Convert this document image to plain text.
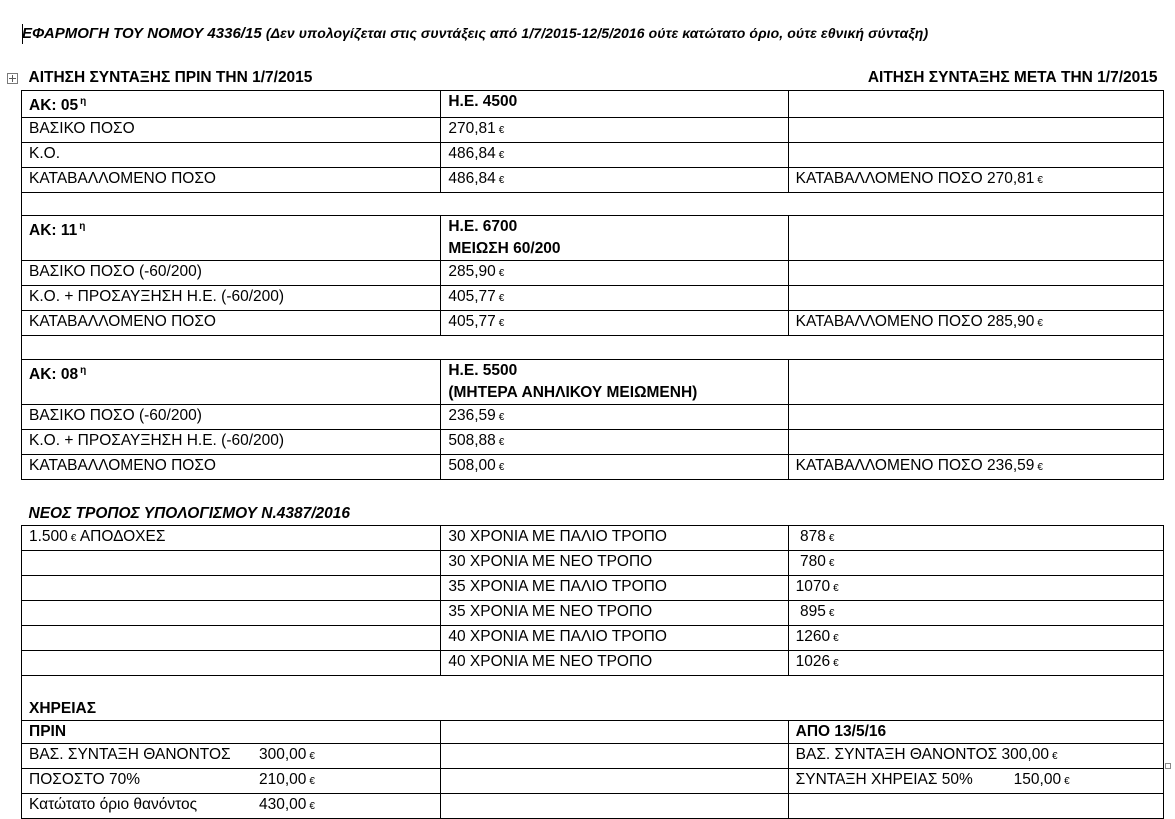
ΕΦΑΡΜΟΓΗ ΤΟΥ ΝΟΜΟΥ 4336/15 (Δεν υπολογίζεται στις συντάξεις από 1/7/2015-12/5/2016 ούτε κατώτατο όριο, ούτε εθνική σύνταξη)
ΑΙΤΗΣΗ ΣΥΝΤΑΞΗΣ ΠΡΙΝ ΤΗΝ 1/7/2015		ΑΙΤΗΣΗ ΣΥΝΤΑΞΗΣ ΜΕΤΑ ΤΗΝ 1/7/2015
ΑΚ: 05 $^\eta$	Η.Ε. 4500	
ΒΑΣΙΚΟ ΠΟΣΟ	270,81 €	
Κ.Ο.	486,84 €	
ΚΑΤΑΒΑΛΛΟΜΕΝΟ ΠΟΣΟ	486,84 €	ΚΑΤΑΒΑΛΛΟΜΕΝΟ ΠΟΣΟ 270,81 €

ΑΚ: 11 $^\eta$	Η.Ε. 6700
ΜΕΙΩΣΗ 60/200	

ΒΑΣΙΚΟ ΠΟΣΟ (-60/200)	285,90 €	
Κ.Ο. + ΠΡΟΣΑΥΞΗΣΗ Η.Ε. (-60/200)	405,77 €	
ΚΑΤΑΒΑΛΛΟΜΕΝΟ ΠΟΣΟ	405,77 €	ΚΑΤΑΒΑΛΛΟΜΕΝΟ ΠΟΣΟ 285,90 €

ΑΚ: 08 $^\eta$	Η.Ε. 5500
(ΜΗΤΕΡΑ ΑΝΗΛΙΚΟΥ ΜΕΙΩΜΕΝΗ)	

ΒΑΣΙΚΟ ΠΟΣΟ (-60/200)	236,59 €	
Κ.Ο. + ΠΡΟΣΑΥΞΗΣΗ Η.Ε. (-60/200)	508,88 €	
ΚΑΤΑΒΑΛΛΟΜΕΝΟ ΠΟΣΟ	508,00 €	ΚΑΤΑΒΑΛΛΟΜΕΝΟ ΠΟΣΟ 236,59 €
ΝΕΟΣ ΤΡΟΠΟΣ ΥΠΟΛΟΓΙΣΜΟΥ Ν.4387/2016		
1.500 € ΑΠΟΔΟΧΕΣ	30 ΧΡΟΝΙΑ ΜΕ ΠΑΛΙΟ ΤΡΟΠΟ	878 €
	30 ΧΡΟΝΙΑ ΜΕ ΝΕΟ ΤΡΟΠΟ	780 €
	35 ΧΡΟΝΙΑ ΜΕ ΠΑΛΙΟ ΤΡΟΠΟ	1070 €
	35 ΧΡΟΝΙΑ ΜΕ ΝΕΟ ΤΡΟΠΟ	895 €
	40 ΧΡΟΝΙΑ ΜΕ ΠΑΛΙΟ ΤΡΟΠΟ	1260 €
	40 ΧΡΟΝΙΑ ΜΕ ΝΕΟ ΤΡΟΠΟ	1026 €
ΧΗΡΕΙΑΣ		
ΠΡΙΝ		ΑΠΟ 13/5/16
ΒΑΣ. ΣΥΝΤΑΞΗ ΘΑΝΟΝΤΟΣ 300,00 €		ΒΑΣ. ΣΥΝΤΑΞΗ ΘΑΝΟΝΤΟΣ 300,00 €
ΠΟΣΟΣΤΟ 70% 210,00 €		ΣΥΝΤΑΞΗ ΧΗΡΕΙΑΣ 50% 150,00 €
Κατώτατο όριο θανόντος 430,00 €		
